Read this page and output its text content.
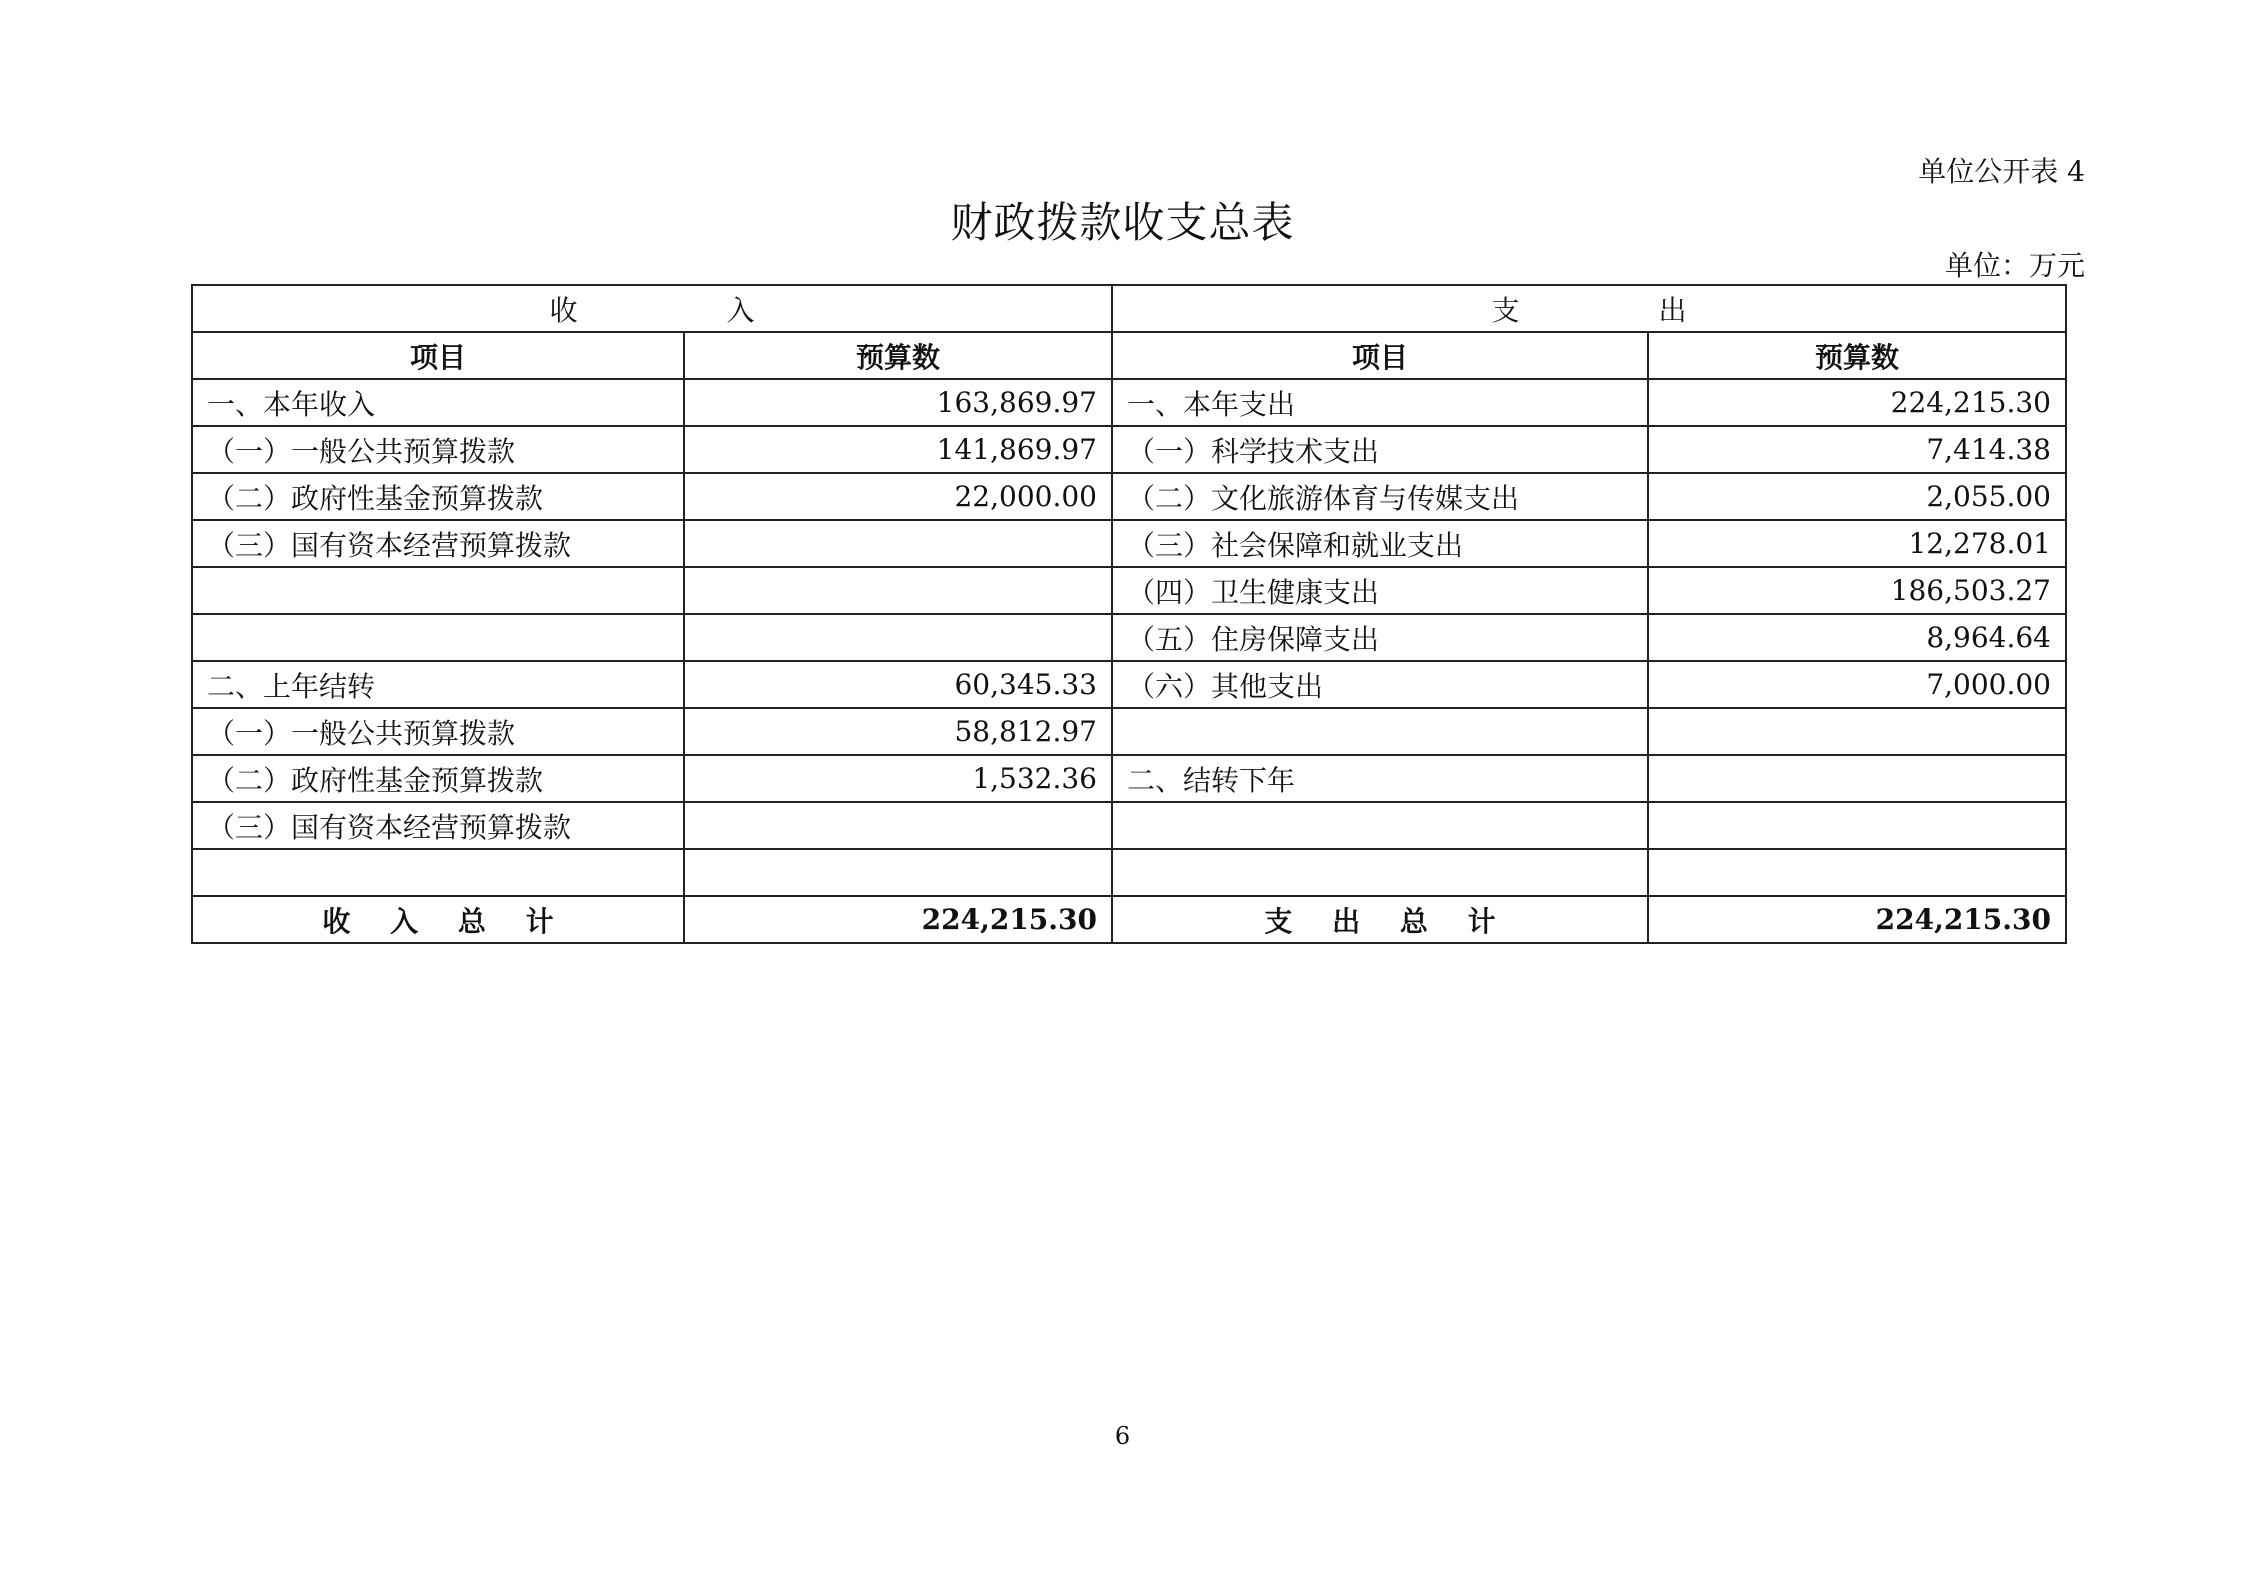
单位公开表 4
财政拨款收支总表
单位：万元
收 入		支 出	
项目	预算数	项目	预算数
一、本年收入	163,869.97	一、本年支出	224,215.30
（一）一般公共预算拨款	141,869.97	（一）科学技术支出	7,414.38
（二）政府性基金预算拨款	22,000.00	（二）文化旅游体育与传媒支出	2,055.00
（三）国有资本经营预算拨款		（三）社会保障和就业支出	12,278.01
		（四）卫生健康支出	186,503.27
		（五）住房保障支出	8,964.64
二、上年结转	60,345.33	（六）其他支出	7,000.00
（一）一般公共预算拨款	58,812.97		
（二）政府性基金预算拨款	1,532.36	二、结转下年	
（三）国有资本经营预算拨款			

收 入 总 计	224,215.30	支 出 总 计	224,215.30
6
